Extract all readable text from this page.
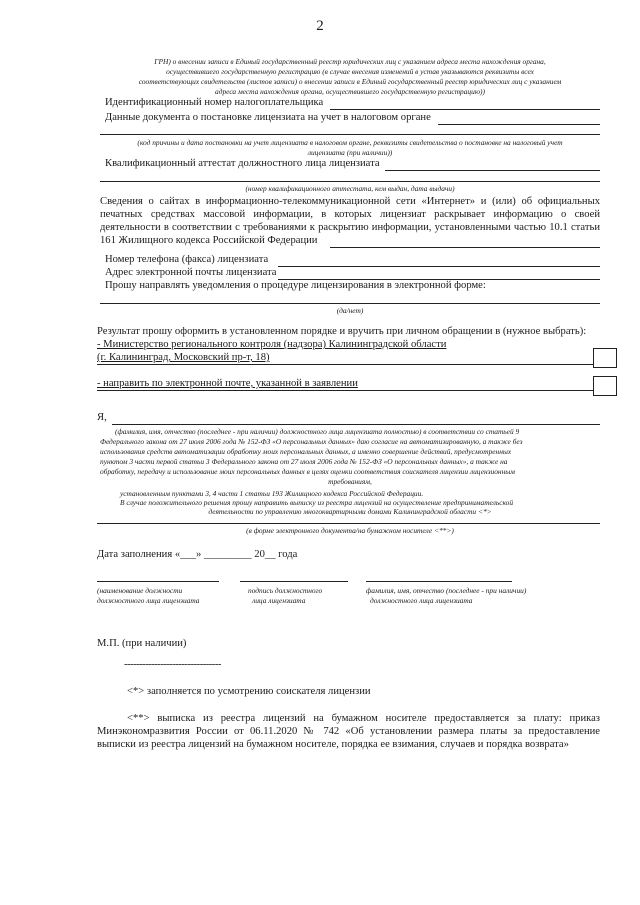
2
ГРН) о внесении записи в Единый государственный реестр юридических лиц с указанием адреса места нахождения органа,
осуществившего государственную регистрацию (в случае внесения изменений в устав указываются реквизиты всех
соответствующих свидетельств (листов записи) о внесении записи в Единый государственный реестр юридических лиц с указанием
адреса места нахождения органа, осуществившего государственную регистрацию))
Идентификационный номер налогоплательщика
Данные документа о постановке лицензиата на учет в налоговом органе
(код причины и дата постановки на учет лицензиата в налоговом органе, реквизиты свидетельства о постановке на налоговый учет
лицензиата (при наличии))
Квалификационный аттестат должностного лица лицензиата
(номер квалификационного аттестата, кем выдан, дата выдачи)
Сведения о сайтах в информационно-телекоммуникационной сети «Интернет» и (или) об официальных
печатных средствах массовой информации, в которых лицензиат раскрывает информацию о своей
деятельности в соответствии с требованиями к раскрытию информации, установленными частью 10.1 статьи
161 Жилищного кодекса Российской Федерации
Номер телефона (факса) лицензиата
Адрес электронной почты лицензиата
Прошу направлять уведомления о процедуре лицензирования в электронной форме:
(да/нет)
Результат прошу оформить в установленном порядке и вручить при личном обращении в (нужное выбрать):
- Министерство регионального контроля (надзора) Калининградской области
(г. Калининград, Московский пр-т, 18)
- направить по электронной почте, указанной в заявлении
Я,
(фамилия, имя, отчество (последнее - при наличии) должностного лица лицензиата полностью) в соответствии со статьей 9
Федерального закона от 27 июля 2006 года № 152-ФЗ «О персональных данных» даю согласие на автоматизированную, а также без
использования средств автоматизации обработку моих персональных данных, а именно совершение действий, предусмотренных
пунктом 3 части первой статьи 3 Федерального закона от 27 июля 2006 года № 152-ФЗ «О персональных данных», а также на
обработку, передачу и использование моих персональных данных в целях оценки соответствия соискателя лицензии лицензионным
требованиям,
установленным пунктами 3, 4 части 1 статьи 193 Жилищного кодекса Российской Федерации.
В случае положительного решения прошу направить выписку из реестра лицензий на осуществление предпринимательской
деятельности по управлению многоквартирными домами Калининградской области <*>
(в форме электронного документа/на бумажном носителе <**>)
Дата заполнения «___» _________ 20__ года
(наименование должности
должностного лица лицензиата
подпись должностного
лица лицензиата
фамилия, имя, отчество (последнее - при наличии)
должностного лица лицензиата
М.П. (при наличии)
--------------------------------
<*> заполняется по усмотрению соискателя лицензии
<**> выписка из реестра лицензий на бумажном носителе предоставляется за плату: приказ
Минэкономразвития России от 06.11.2020 № 742 «Об установлении размера платы за предоставление
выписки из реестра лицензий на бумажном носителе, порядка ее взимания, случаев и порядка возврата»
